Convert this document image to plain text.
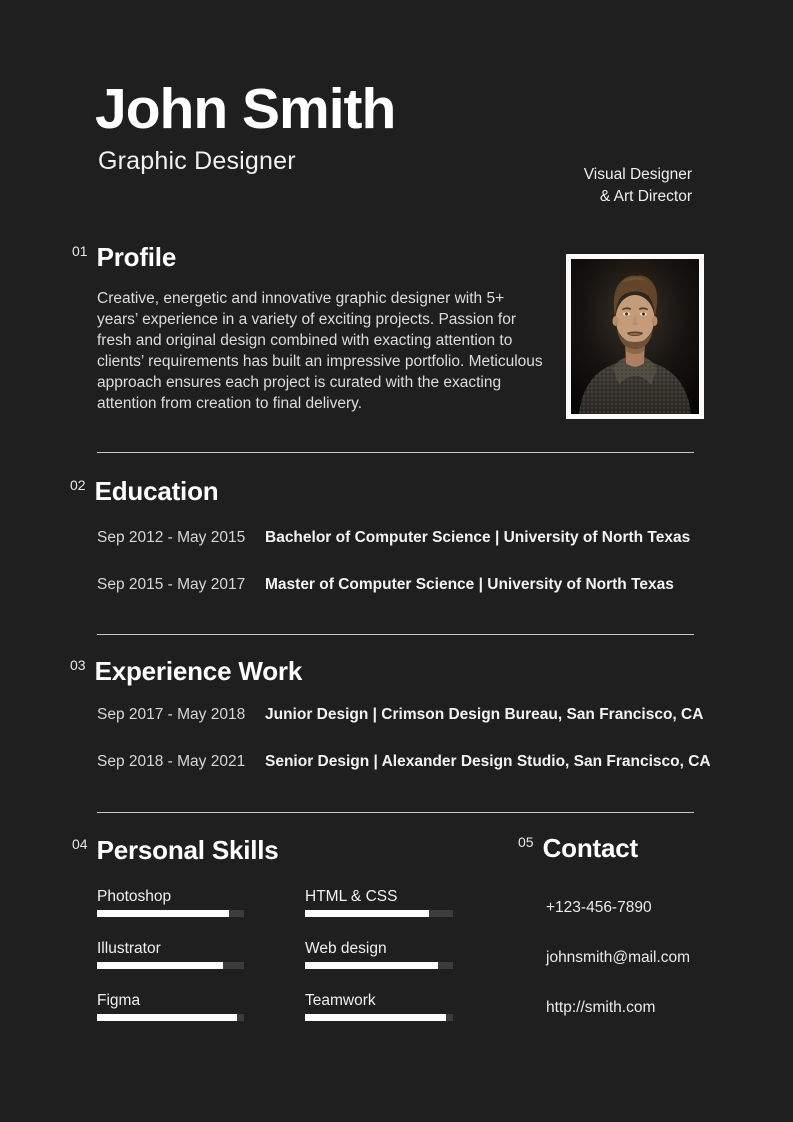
John Smith
Graphic Designer	Visual Designer
& Art Director
01 Profile
Creative, energetic and innovative graphic designer with 5+ years’ experience in a variety of exciting projects. Passion for fresh and original design combined with exacting attention to clients’ requirements has built an impressive portfolio. Meticulous approach ensures each project is curated with the exacting attention from creation to final delivery.
02 Education
Sep 2012 - May 2015	Bachelor of Computer Science | University of North Texas
Sep 2015 - May 2017	Master of Computer Science | University of North Texas
03 Experience Work
Sep 2017 - May 2018	Junior Design | Crimson Design Bureau, San Francisco, CA
Sep 2018 - May 2021	Senior Design | Alexander Design Studio, San Francisco, CA
04 Personal Skills
Photoshop
Illustrator
Figma
HTML & CSS
Web design
Teamwork
05 Contact
+123-456-7890
johnsmith@mail.com
http://smith.com
